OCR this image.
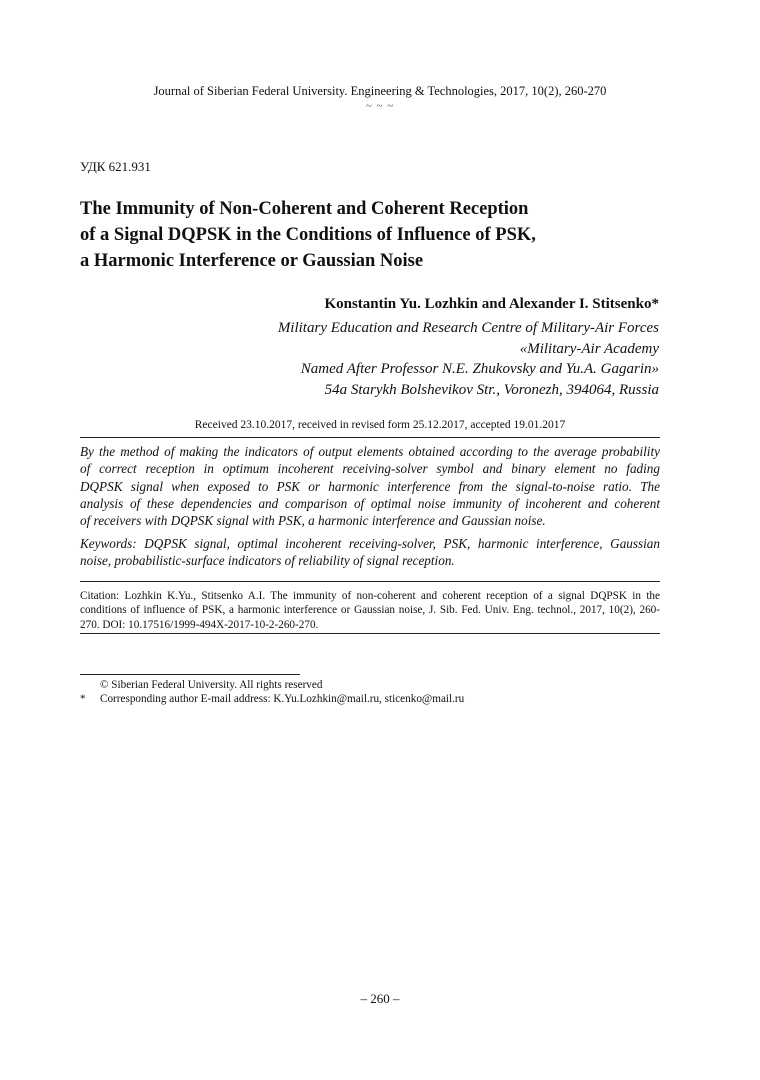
Journal of Siberian Federal University. Engineering & Technologies, 2017, 10(2), 260-270
~ ~ ~
УДК 621.931
The Immunity of Non-Coherent and Coherent Reception
of a Signal DQPSK in the Conditions of Influence of PSK,
a Harmonic Interference or Gaussian Noise
Konstantin Yu. Lozhkin and Alexander I. Stitsenko*
Military Education and Research Centre of Military-Air Forces
«Military-Air Academy
Named After Professor N.E. Zhukovsky and Yu.A. Gagarin»
54a Starykh Bolshevikov Str., Voronezh, 394064, Russia
Received 23.10.2017, received in revised form 25.12.2017, accepted 19.01.2017
By the method of making the indicators of output elements obtained according to the average probability
of correct reception in optimum incoherent receiving-solver symbol and binary element no fading
DQPSK signal when exposed to PSK or harmonic interference from the signal-to-noise ratio. The
analysis of these dependencies and comparison of optimal noise immunity of incoherent and coherent
of receivers with DQPSK signal with PSK, a harmonic interference and Gaussian noise.
Keywords: DQPSK signal, optimal incoherent receiving-solver, PSK, harmonic interference, Gaussian
noise, probabilistic-surface indicators of reliability of signal reception.
Citation: Lozhkin K.Yu., Stitsenko A.I. The immunity of non-coherent and coherent reception of a signal DQPSK in the
conditions of influence of PSK, a harmonic interference or Gaussian noise, J. Sib. Fed. Univ. Eng. technol., 2017, 10(2), 260-
270. DOI: 10.17516/1999-494X-2017-10-2-260-270.
© Siberian Federal University. All rights reserved
* Corresponding author E-mail address: K.Yu.Lozhkin@mail.ru, sticenko@mail.ru
– 260 –
